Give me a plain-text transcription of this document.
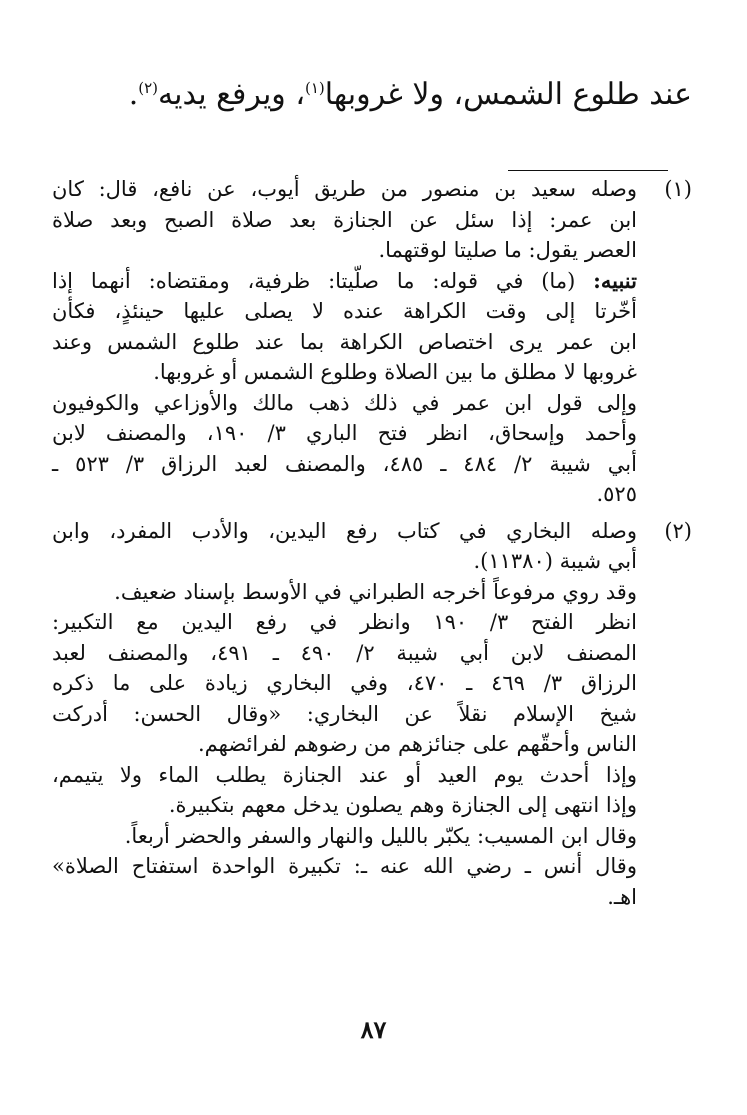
عند طلوع الشمس، ولا غروبها$^{(١)}$، ويرفع يديه$^{(٢)}$.
(١)
وصله سعيد بن منصور من طريق أيوب، عن نافع، قال: كان
ابن عمر: إذا سئل عن الجنازة بعد صلاة الصبح وبعد صلاة
العصر يقول: ما صليتا لوقتهما.
تنبيه: (ما) في قوله: ما صلّيتا: ظرفية، ومقتضاه: أنهما إذا
أخّرتا إلى وقت الكراهة عنده لا يصلى عليها حينئذٍ، فكأن
ابن عمر يرى اختصاص الكراهة بما عند طلوع الشمس وعند
غروبها لا مطلق ما بين الصلاة وطلوع الشمس أو غروبها.
وإلى قول ابن عمر في ذلك ذهب مالك والأوزاعي والكوفيون
وأحمد وإسحاق، انظر فتح الباري ٣/ ١٩٠، والمصنف لابن
أبي شيبة ٢/ ٤٨٤ ـ ٤٨٥، والمصنف لعبد الرزاق ٣/ ٥٢٣ ـ
٥٢٥.
(٢)
وصله البخاري في كتاب رفع اليدين، والأدب المفرد، وابن
أبي شيبة (١١٣٨٠).
وقد روي مرفوعاً أخرجه الطبراني في الأوسط بإسناد ضعيف.
انظر الفتح ٣/ ١٩٠ وانظر في رفع اليدين مع التكبير:
المصنف لابن أبي شيبة ٢/ ٤٩٠ ـ ٤٩١، والمصنف لعبد
الرزاق ٣/ ٤٦٩ ـ ٤٧٠، وفي البخاري زيادة على ما ذكره
شيخ الإسلام نقلاً عن البخاري: «وقال الحسن: أدركت
الناس وأحقّهم على جنائزهم من رضوهم لفرائضهم.
وإذا أحدث يوم العيد أو عند الجنازة يطلب الماء ولا يتيمم،
وإذا انتهى إلى الجنازة وهم يصلون يدخل معهم بتكبيرة.
وقال ابن المسيب: يكبّر بالليل والنهار والسفر والحضر أربعاً.
وقال أنس ـ رضي الله عنه ـ: تكبيرة الواحدة استفتاح الصلاة»
اهـ.
٨٧
